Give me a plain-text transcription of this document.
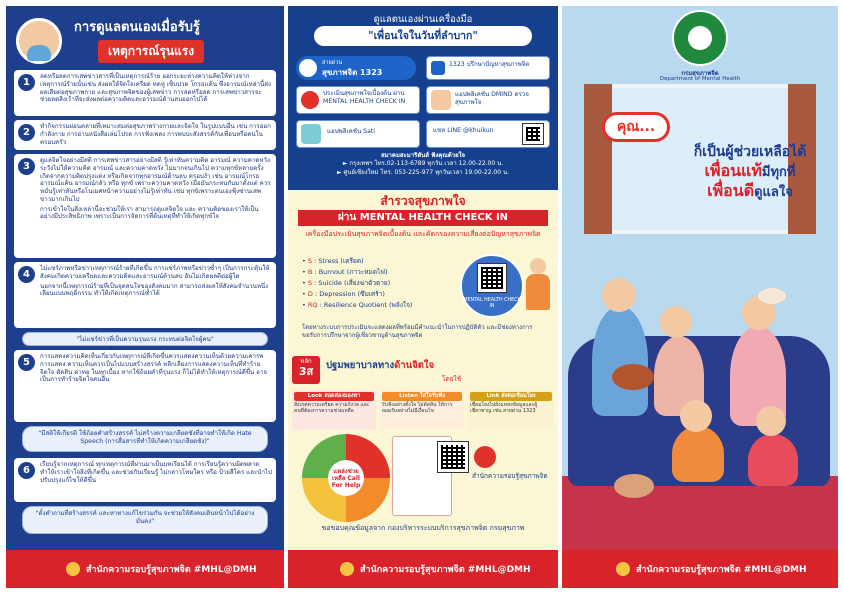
การดูแลตนเองเมื่อรับรู้
เหตุการณ์รุนแรง
1
ลดหรือลดการเสพข่าวสารที่เป็นเหตุการณ์ร้าย ออกระยะห่างความคิดให้ห่างจากเหตุการณ์ร้ายนั้นเช่น ส่งผลให้จิตใจเครียด หดหู่ เซ็บปวด โกรธแค้น ซึ่งอารมณ์เหล่านี้ส่งผลเสียต่อสุขภาพกาย และสุขภาพจิตของผู้เสพข่าว การลดหรือลด การเสพข่าวสารจะช่วยลดสิ่งเร้าที่จะส่งผลต่อความคิดและอารมณ์ด้านลบออกไปได้
2
ทำกิจกรรมผ่อนคลายที่เหมาะสมต่อสุขภาพร่างกายและจิตใจ ในรูปแบบอื่น เช่น การออกกำลังกาย การอ่านหนังสือเล่มโปรด การฟังเพลง การพบปะสังสรรค์กับเพื่อนหรือคนในครอบครัว
3
ดูแลจิตใจอย่างมีสติ การเสพข่าวสารอย่างมีสติ รู้เท่าทันความคิด อารมณ์ ความคาดหวัง ระวังไม่ให้ความคิด อารมณ์ และความคาดหวัง ไม่มากจนเกินไป ความทุกข์หลายครั้งเกิดจากความคิดปรุงแต่ง หรือเกิดจากทุกอารมณ์ต้านลบ ครอบงำ เช่น อารมณ์โกรธ อารมณ์แค้น อารมณ์กลัว หรือ ทุกข์ เพราะความคาดหวัง เมื่อมันกระทบกับมาตั้งแต่ ควรหมั่นรู้เท่าทันหรือโนเมศหน้าความอย่างไม่รู้เท่าทัน เช่น ทุกข์เพราะตนเองฟุ้งซ่านเสพข่าวมากเกินไป
การเข้าใจในสิ่งเหล่านี้จะช่วยให้เรา สามารถดูแลจิตใจ และ ความคิดของเราให้เป็นอย่างมีประสิทธิภาพ เพราะเป็นการจัดการที่ต้นเหตุที่ทำให้เกิดทุกข์ใจ
4
ไม่แชร์ภาพหรือข่าวเหตุการณ์ร้ายที่เกิดขึ้น การแชร์ภาพหรือข่าวซ้ำๆ เป็นการกระตุ้นให้สังคมเกิดความเครียดและความคิดและอารมณ์ด้านลบ อันไม่เกิดผลดีต่อผู้ใด
นอกจากนี้เหตุการณ์ร้ายที่เป็นจุดสนใจของสังคมมาก สามารถส่งผลให้สังคมจำนวนหนึ่งเลียนแบบพฤติกรรม ทำให้เกิดเหตุการณ์ซ้ำได้
"ไม่แชร์ข่าวที่เป็นความรุนแรง กระทบต่อจิตใจผู้คน"
5
การแสดงความคิดเห็นเกี่ยวกับเหตุการณ์ที่เกิดขึ้นควรแสดงความเห็นด้วยความเคารพ การแสดง ความเห็นควรเป็นไปแบบสร้างสรรค์ หลีกเลี่ยงการแสดงความเห็นที่ทำร้ายจิตใจ ตัดสิน ด่าทอ ในทุกเบื้อง หากใช้ถ้อยคำที่รุนแรง ก็ไม่ได้ทำให้เหตุการณ์ดีขึ้น อาจเป็นการทำร้ายจิตใจคนอื่น
"มีสติให้เกียรติ ใช้ถ้อยคำสร้างสรรค์ ไม่สร้างความเกลียดชังที่อาจทำให้เกิด Hate Speech (การสื่อสารที่ทำให้เกิดความเกลียดชัง)"
6
เรียนรู้จากเหตุการณ์ ทุกเหตุการณ์ที่ผ่านมาเป็นบทเรียนได้ การเรียนรู้ความผิดพลาดทำให้เราเข้าใจสิ่งที่เกิดขึ้น และช่วยกันเรียนรู้ ไม่กล่าวโทษใคร หรือ ป้ายสีใคร และนำไปปรับปรุงแก้ไขให้ดีขึ้น
"ตั้งคำถามที่สร้างสรรค์ และหาทางแก้ไขร่วมกัน จะช่วยให้สังคมเดินหน้าไปได้อย่างมั่นคง"
สำนักความรอบรู้สุขภาพจิต #MHL@DMH
ดูแลตนเองผ่านเครื่องมือ
"เพื่อนใจในวันที่ลำบาก"
สายด่วน
สุขภาพจิต 1323
1323 ปรึกษาปัญหาสุขภาพจิต
ประเมินสุขภาพใจเบื้องต้น ผ่าน MENTAL HEALTH CHECK IN
แอปพลิเคชัน DMIND ตรวจสุขภาพใจ
แอปพลิเคชัน Sati	แชท LINE @khuikun
สมาคมสะมาริตันส์ ฟังคุณด้วยใจ
► กรุงเทพฯ โทร.02-113-6789 ทุกวัน เวลา 12.00-22.00 น.
► ศูนย์เชียงใหม่ โทร. 053-225-977 ทุกวันเวลา 19.00-22.00 น.
สำรวจสุขภาพใจ
ผ่าน MENTAL HEALTH CHECK IN
เครื่องมือประเมินสุขภาพจิตเบื้องต้น และคัดกรองความเสี่ยงต่อปัญหาสุขภาพจิต
• S : Stress (เครียด)
• B : Burnout (ภาวะหมดไฟ)
• S : Suicide (เสี่ยงฆ่าตัวตาย)
• D : Depression (ซึมเศร้า)
• RQ : Resilience Quotient (พลังใจ)
MENTAL HEALTH CHECK IN
โดยทางระบบการประเมินจะแสดงผลที่พร้อมมีคำแนะนำในการปฏิบัติตัว และมีช่องทางการขอรับการปรึกษาจากผู้เชี่ยวชาญด้านสุขภาพจิต
หลัก
3ส	ปฐมพยาบาลทางด้านจิตใจ
โดยใช้
Look สอดส่องมองหา
สังเกตความเครียด ความกังวล และคนที่ต้องการความช่วยเหลือ
Listen ใส่ใจรับฟัง
รับฟังอย่างตั้งใจ ไม่ตัดสิน ให้การยอมรับอย่างไม่มีเงื่อนไข
Link ส่งต่อเชื่อมโยง
เชื่อมโยงไปยังแหล่งข้อมูลและผู้เชี่ยวชาญ เช่น สายด่วน 1323
แหล่งช่วยเหลือ Call For Help
สำนักความรอบรู้สุขภาพจิต
ขอขอบคุณข้อมูลจาก กองบริหารระบบบริการสุขภาพจิต กรมสุขภาพ
สำนักความรอบรู้สุขภาพจิต #MHL@DMH
กรมสุขภาพจิต
Department of Mental Health
คุณ...
ก็เป็นผู้ช่วยเหลือได้
เพื่อนแท้มีทุกที่
เพื่อนดีดูแลใจ
สำนักความรอบรู้สุขภาพจิต #MHL@DMH
